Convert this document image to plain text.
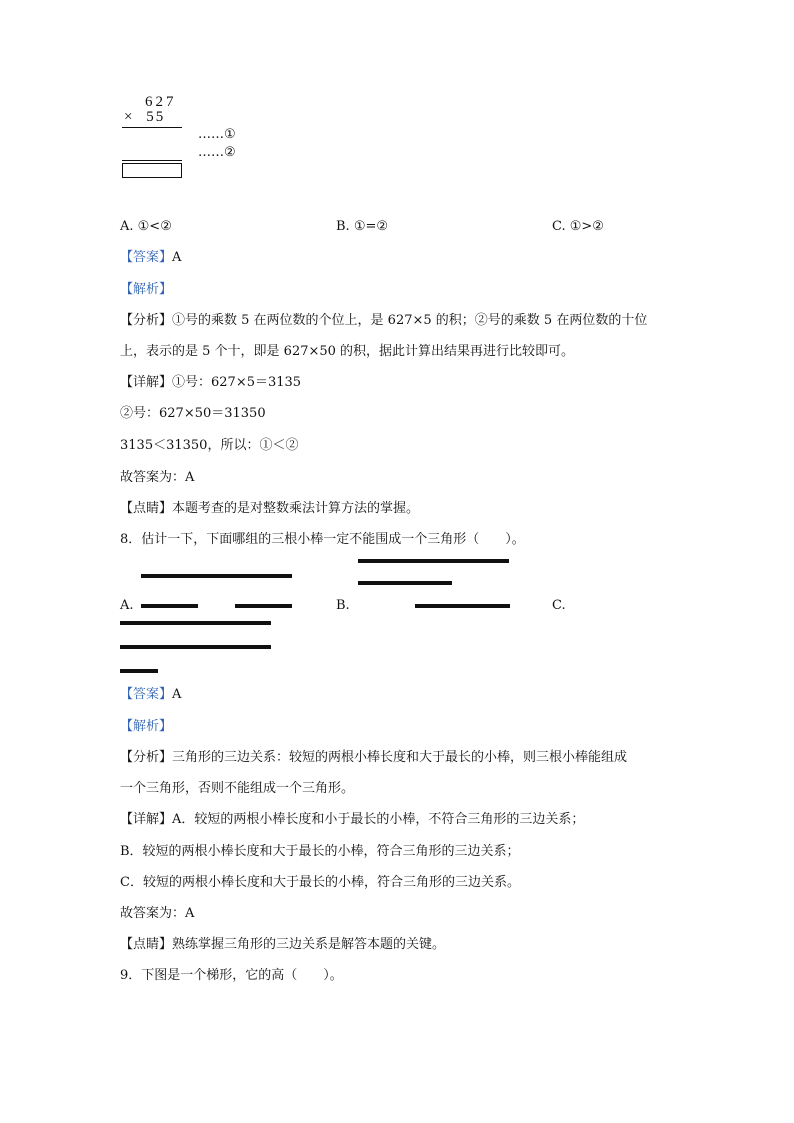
627
× 55
……①
……②
A. ①<②	B. ①=②	C. ①>②
【答案】A
【解析】
【分析】①号的乘数 5 在两位数的个位上，是 627×5 的积；②号的乘数 5 在两位数的十位
上，表示的是 5 个十，即是 627×50 的积，据此计算出结果再进行比较即可。
【详解】①号：627×5＝3135
②号：627×50＝31350
3135＜31350，所以：①＜②
故答案为：A
【点睛】本题考查的是对整数乘法计算方法的掌握。
8．估计一下，下面哪组的三根小棒一定不能围成一个三角形（　　）。
A.	B.	C.
【答案】A
【解析】
【分析】三角形的三边关系：较短的两根小棒长度和大于最长的小棒，则三根小棒能组成
一个三角形，否则不能组成一个三角形。
【详解】A．较短的两根小棒长度和小于最长的小棒，不符合三角形的三边关系；
B．较短的两根小棒长度和大于最长的小棒，符合三角形的三边关系；
C．较短的两根小棒长度和大于最长的小棒，符合三角形的三边关系。
故答案为：A
【点睛】熟练掌握三角形的三边关系是解答本题的关键。
9．下图是一个梯形，它的高（　　）。
